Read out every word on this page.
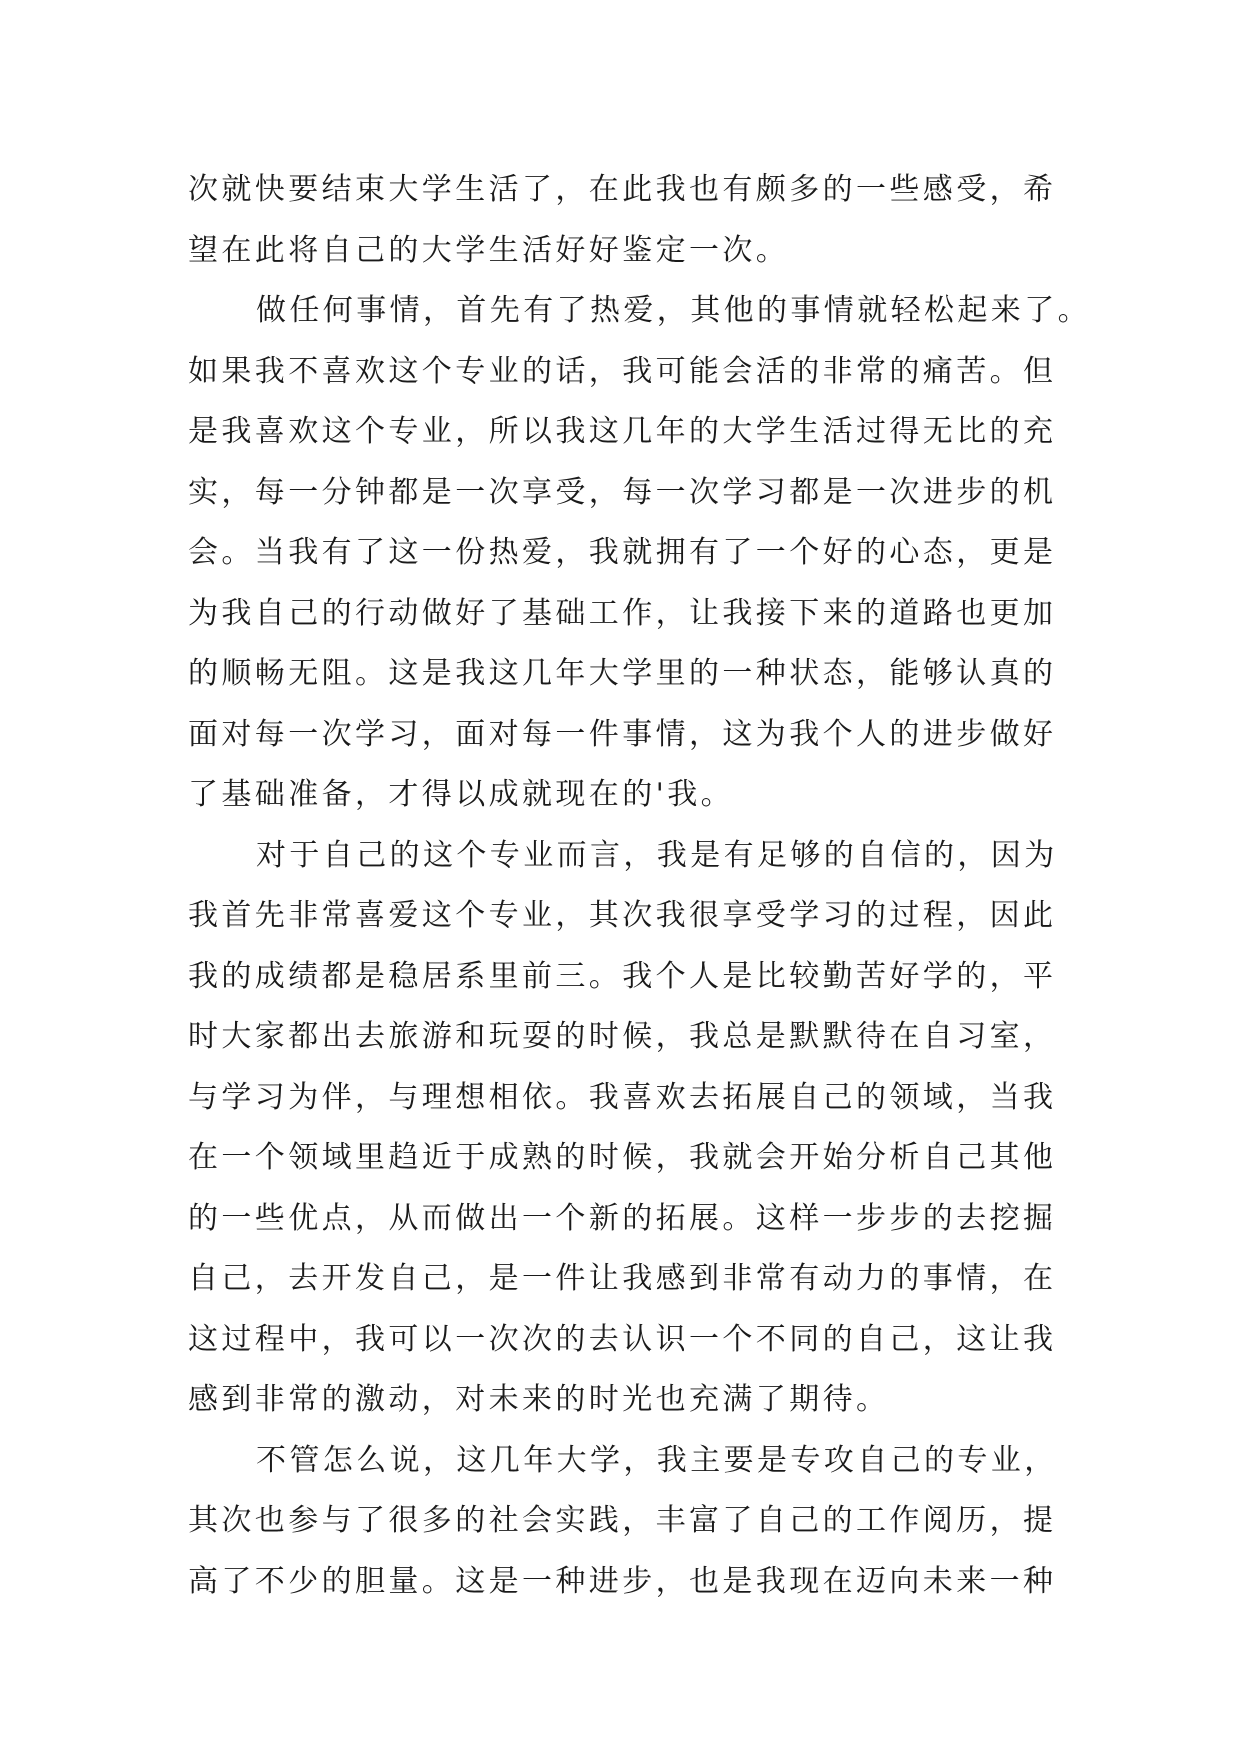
次就快要结束大学生活了，在此我也有颇多的一些感受，希
望在此将自己的大学生活好好鉴定一次。
做任何事情，首先有了热爱，其他的事情就轻松起来了。
如果我不喜欢这个专业的话，我可能会活的非常的痛苦。但
是我喜欢这个专业，所以我这几年的大学生活过得无比的充
实，每一分钟都是一次享受，每一次学习都是一次进步的机
会。当我有了这一份热爱，我就拥有了一个好的心态，更是
为我自己的行动做好了基础工作，让我接下来的道路也更加
的顺畅无阻。这是我这几年大学里的一种状态，能够认真的
面对每一次学习，面对每一件事情，这为我个人的进步做好
了基础准备，才得以成就现在的'我。
对于自己的这个专业而言，我是有足够的自信的，因为
我首先非常喜爱这个专业，其次我很享受学习的过程，因此
我的成绩都是稳居系里前三。我个人是比较勤苦好学的，平
时大家都出去旅游和玩耍的时候，我总是默默待在自习室，
与学习为伴，与理想相依。我喜欢去拓展自己的领域，当我
在一个领域里趋近于成熟的时候，我就会开始分析自己其他
的一些优点，从而做出一个新的拓展。这样一步步的去挖掘
自己，去开发自己，是一件让我感到非常有动力的事情，在
这过程中，我可以一次次的去认识一个不同的自己，这让我
感到非常的激动，对未来的时光也充满了期待。
不管怎么说，这几年大学，我主要是专攻自己的专业，
其次也参与了很多的社会实践，丰富了自己的工作阅历，提
高了不少的胆量。这是一种进步，也是我现在迈向未来一种
